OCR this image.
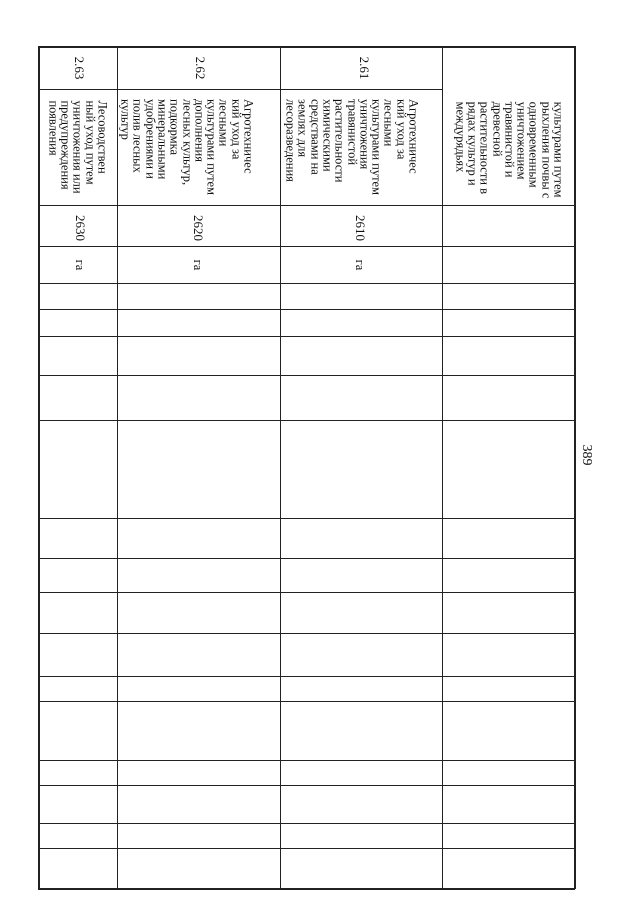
389
культурами путем
рыхления почвы с
одновременным
уничтожением
травянистой и
древесной
растительности в
рядах культур и
междурядьях
2.61
Агротехничес
кий уход за
лесными
культурами путем
уничтожения
травянистой
растительности
химическими
средствами на
землях для
лесоразведения
2610
га
2.62
Агротехничес
кий уход за
лесными
культурами путем
дополнения
лесных культур,
подкормка
минеральными
удобрениями и
полив лесных
культур
2620
га
2.63
Лесоводствен
ный уход путем
уничтожения или
предупреждения
появления
2630
га
